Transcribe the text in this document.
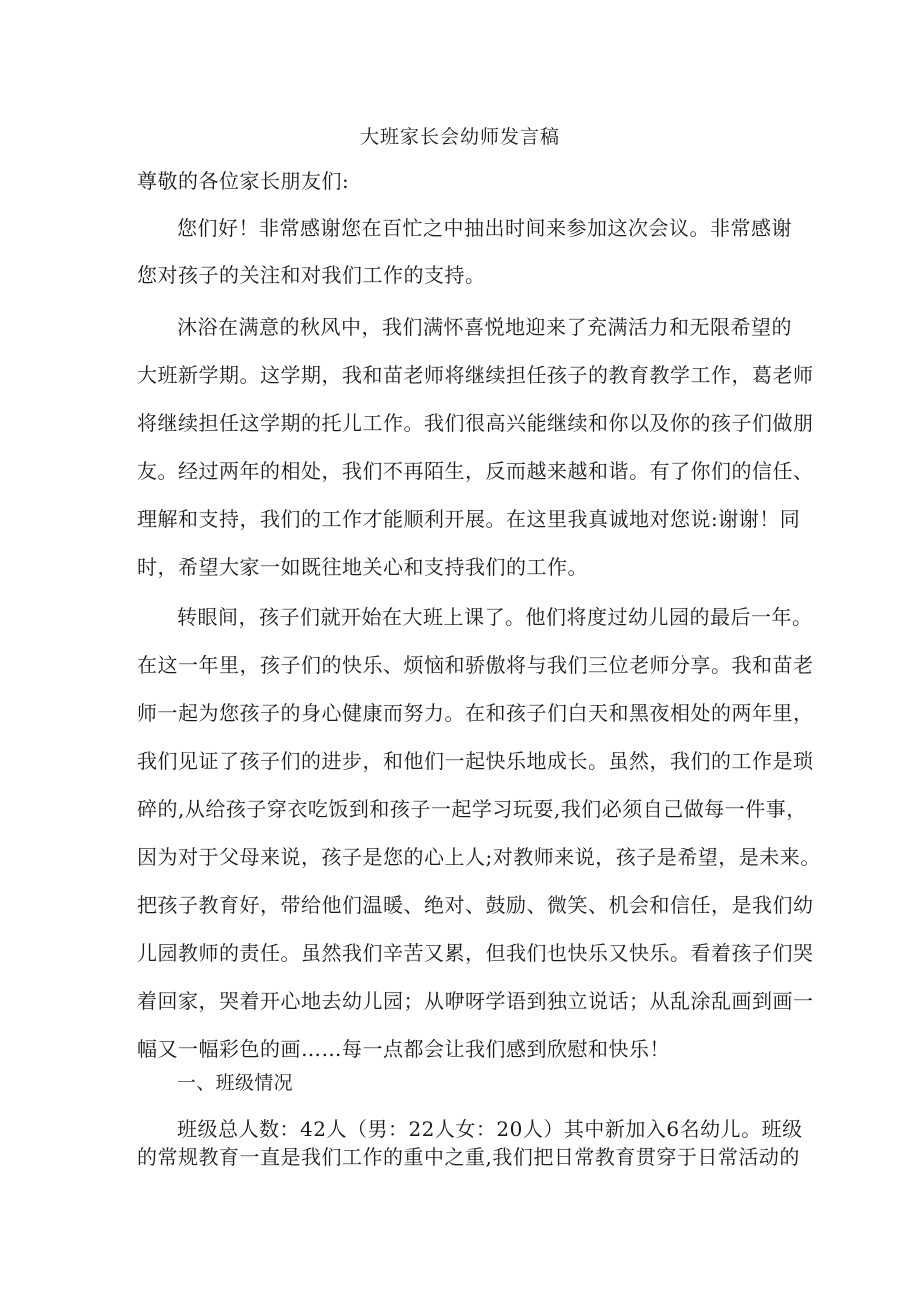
大班家长会幼师发言稿
尊敬的各位家长朋友们:
您们好！非常感谢您在百忙之中抽出时间来参加这次会议。非常感谢
您对孩子的关注和对我们工作的支持。
沐浴在满意的秋风中，我们满怀喜悦地迎来了充满活力和无限希望的
大班新学期。这学期，我和苗老师将继续担任孩子的教育教学工作，葛老师
将继续担任这学期的托儿工作。我们很高兴能继续和你以及你的孩子们做朋
友。经过两年的相处，我们不再陌生，反而越来越和谐。有了你们的信任、
理解和支持，我们的工作才能顺利开展。在这里我真诚地对您说:谢谢！同
时，希望大家一如既往地关心和支持我们的工作。
转眼间，孩子们就开始在大班上课了。他们将度过幼儿园的最后一年。
在这一年里，孩子们的快乐、烦恼和骄傲将与我们三位老师分享。我和苗老
师一起为您孩子的身心健康而努力。在和孩子们白天和黑夜相处的两年里，
我们见证了孩子们的进步，和他们一起快乐地成长。虽然，我们的工作是琐
碎的,从给孩子穿衣吃饭到和孩子一起学习玩耍,我们必须自己做每一件事，
因为对于父母来说，孩子是您的心上人;对教师来说，孩子是希望，是未来。
把孩子教育好，带给他们温暖、绝对、鼓励、微笑、机会和信任，是我们幼
儿园教师的责任。虽然我们辛苦又累，但我们也快乐又快乐。看着孩子们哭
着回家，哭着开心地去幼儿园；从咿呀学语到独立说话；从乱涂乱画到画一
幅又一幅彩色的画……每一点都会让我们感到欣慰和快乐！
一、班级情况
班级总人数：42人（男：22人女：20人）其中新加入6名幼儿。班级
的常规教育一直是我们工作的重中之重,我们把日常教育贯穿于日常活动的
